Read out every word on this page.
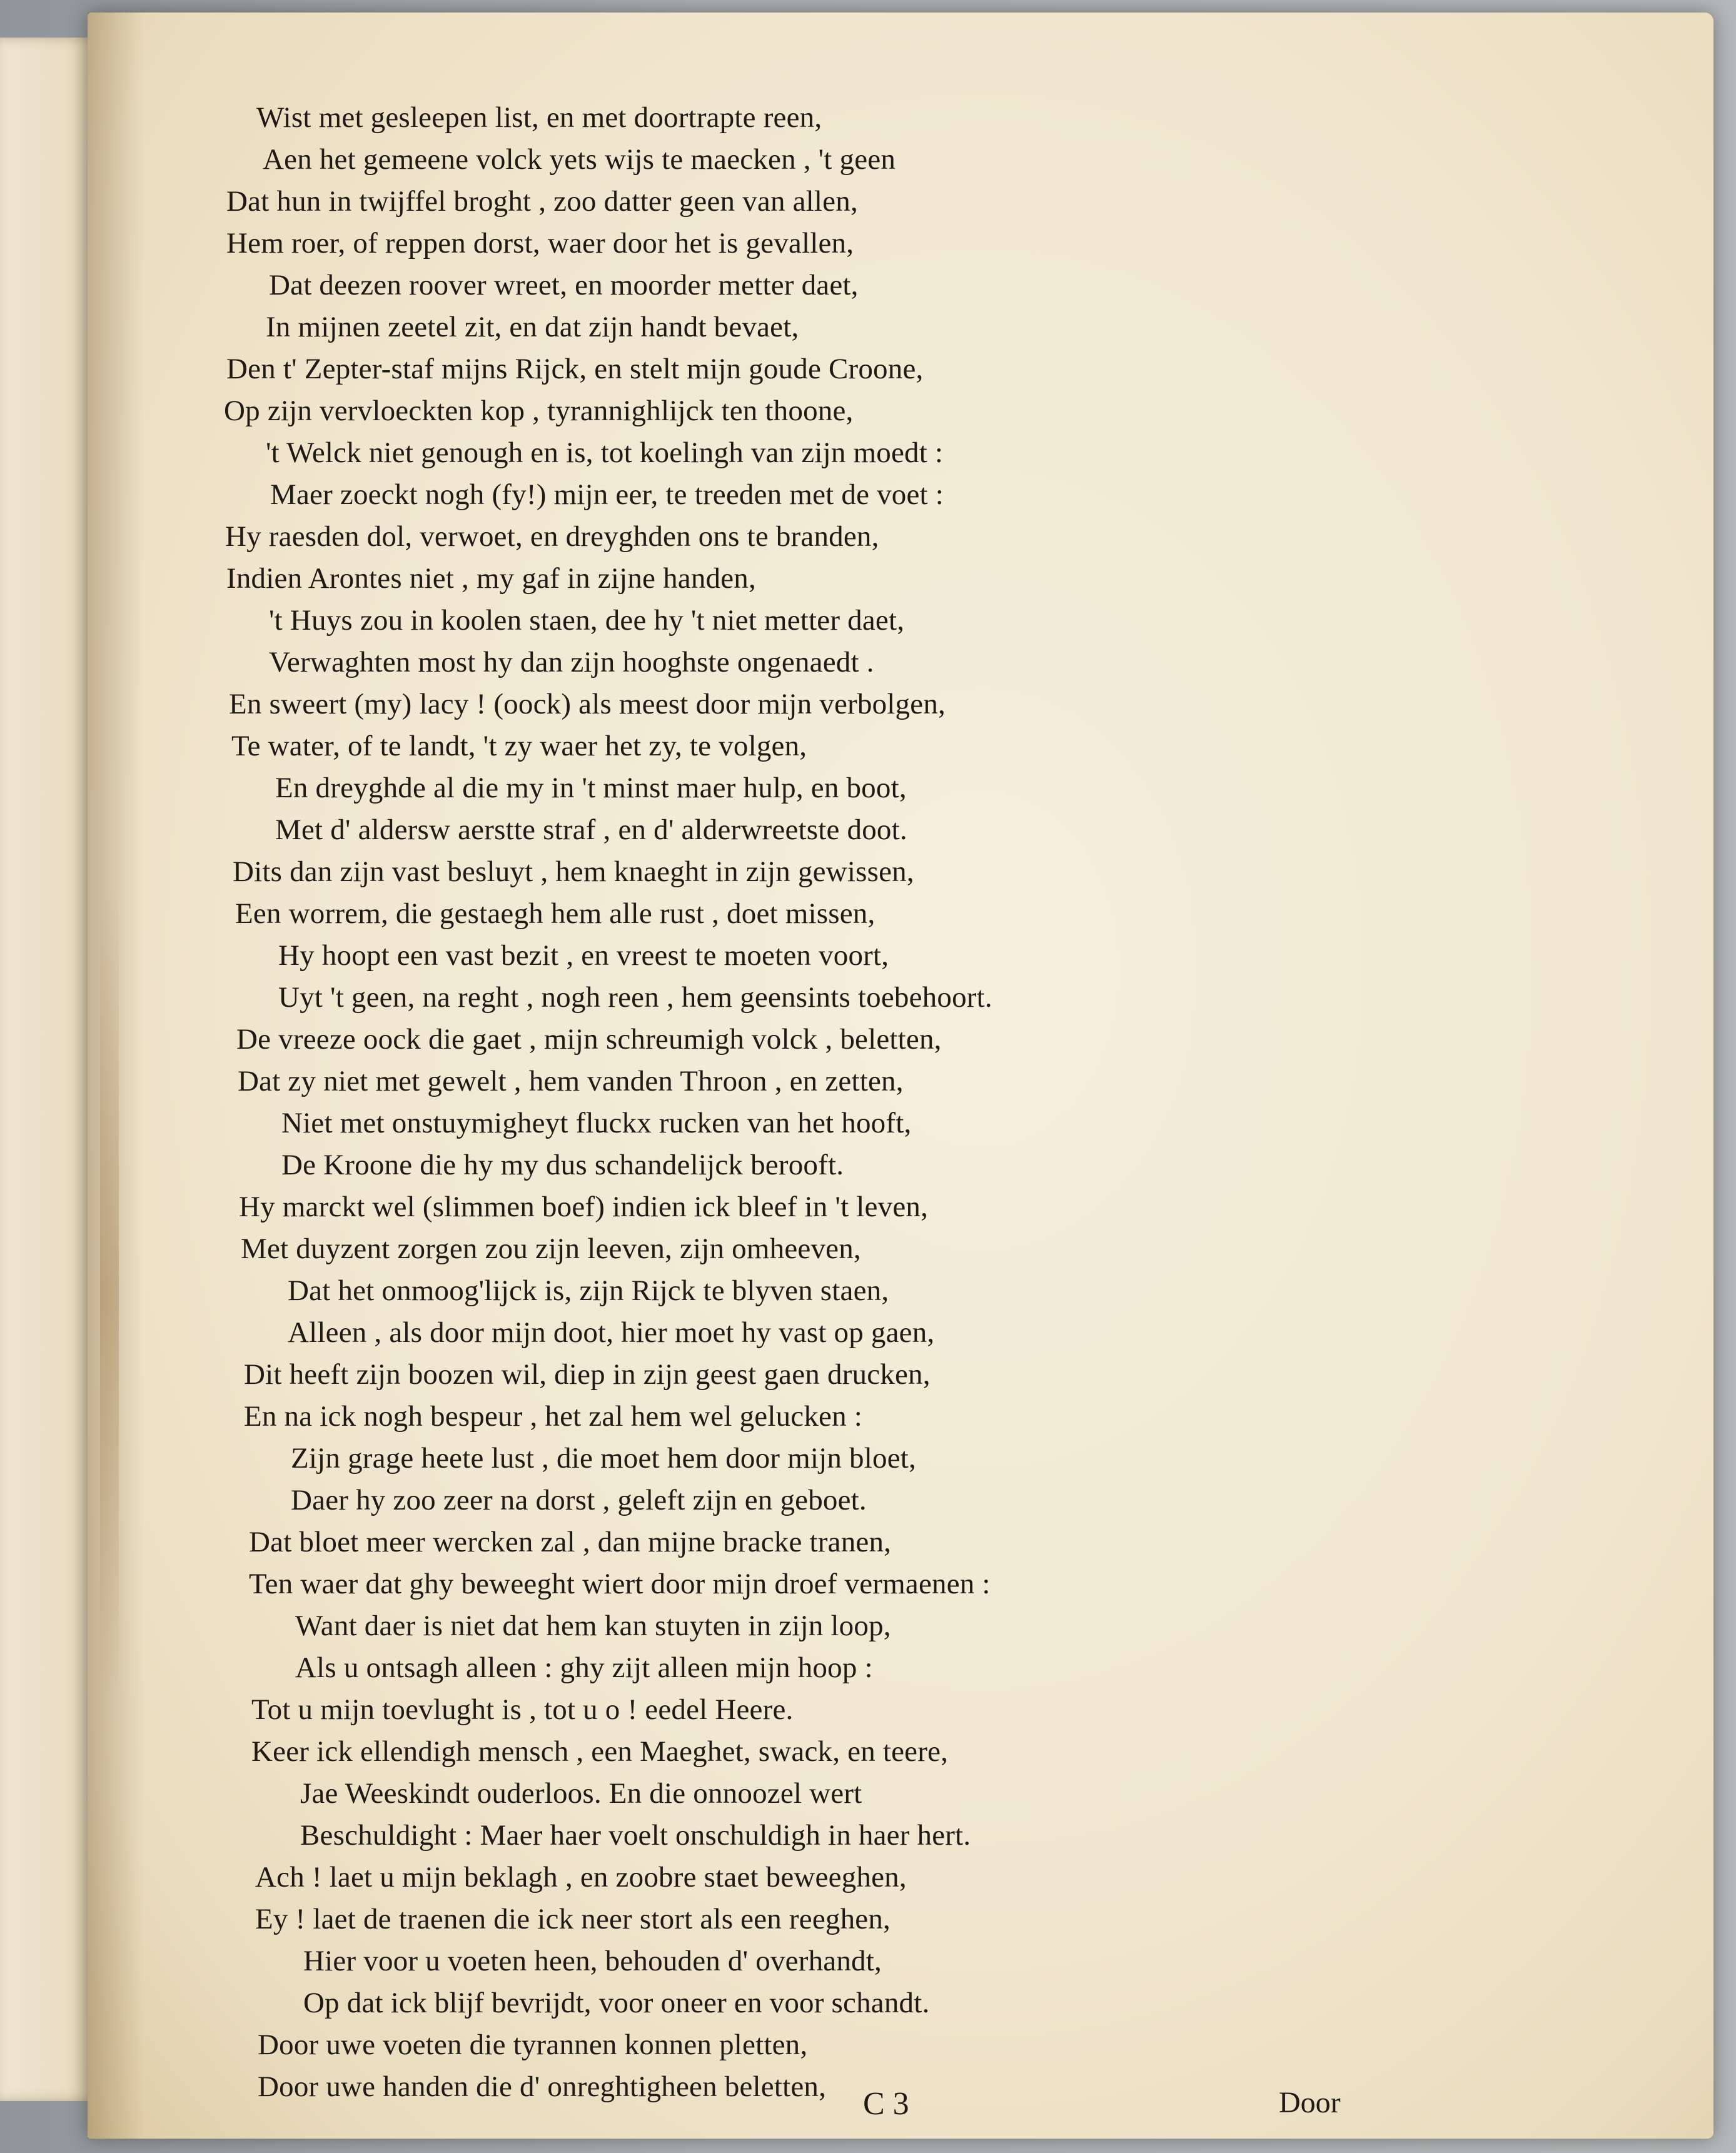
Wist met gesleepen list, en met doortrapte reen,
Aen het gemeene volck yets wijs te maecken , 't geen
Dat hun in twijffel broght , zoo datter geen van allen,
Hem roer, of reppen dorst, waer door het is gevallen,
Dat deezen roover wreet, en moorder metter daet,
In mijnen zeetel zit, en dat zijn handt bevaet,
Den t' Zepter-staf mijns Rijck, en stelt mijn goude Croone,
Op zijn vervloeckten kop , tyrannighlijck ten thoone,
't Welck niet genough en is, tot koelingh van zijn moedt :
Maer zoeckt nogh (fy!) mijn eer, te treeden met de voet :
Hy raesden dol, verwoet, en dreyghden ons te branden,
Indien Arontes niet , my gaf in zijne handen,
't Huys zou in koolen staen, dee hy 't niet metter daet,
Verwaghten most hy dan zijn hooghste ongenaedt .
En sweert (my) lacy ! (oock) als meest door mijn verbolgen,
Te water, of te landt, 't zy waer het zy, te volgen,
En dreyghde al die my in 't minst maer hulp, en boot,
Met d' aldersw aerstte straf , en d' alderwreetste doot.
Dits dan zijn vast besluyt , hem knaeght in zijn gewissen,
Een worrem, die gestaegh hem alle rust , doet missen,
Hy hoopt een vast bezit , en vreest te moeten voort,
Uyt 't geen, na reght , nogh reen , hem geensints toebehoort.
De vreeze oock die gaet , mijn schreumigh volck , beletten,
Dat zy niet met gewelt , hem vanden Throon , en zetten,
Niet met onstuymigheyt fluckx rucken van het hooft,
De Kroone die hy my dus schandelijck berooft.
Hy marckt wel (slimmen boef) indien ick bleef in 't leven,
Met duyzent zorgen zou zijn leeven, zijn omheeven,
Dat het onmoog'lijck is, zijn Rijck te blyven staen,
Alleen , als door mijn doot, hier moet hy vast op gaen,
Dit heeft zijn boozen wil, diep in zijn geest gaen drucken,
En na ick nogh bespeur , het zal hem wel gelucken :
Zijn grage heete lust , die moet hem door mijn bloet,
Daer hy zoo zeer na dorst , geleft zijn en geboet.
Dat bloet meer wercken zal , dan mijne bracke tranen,
Ten waer dat ghy beweeght wiert door mijn droef vermaenen :
Want daer is niet dat hem kan stuyten in zijn loop,
Als u ontsagh alleen : ghy zijt alleen mijn hoop :
Tot u mijn toevlught is , tot u o ! eedel Heere.
Keer ick ellendigh mensch , een Maeghet, swack, en teere,
Jae Weeskindt ouderloos. En die onnoozel wert
Beschuldight : Maer haer voelt onschuldigh in haer hert.
Ach ! laet u mijn beklagh , en zoobre staet beweeghen,
Ey ! laet de traenen die ick neer stort als een reeghen,
Hier voor u voeten heen, behouden d' overhandt,
Op dat ick blijf bevrijdt, voor oneer en voor schandt.
Door uwe voeten die tyrannen konnen pletten,
Door uwe handen die d' onreghtigheen beletten, C 3	Door
